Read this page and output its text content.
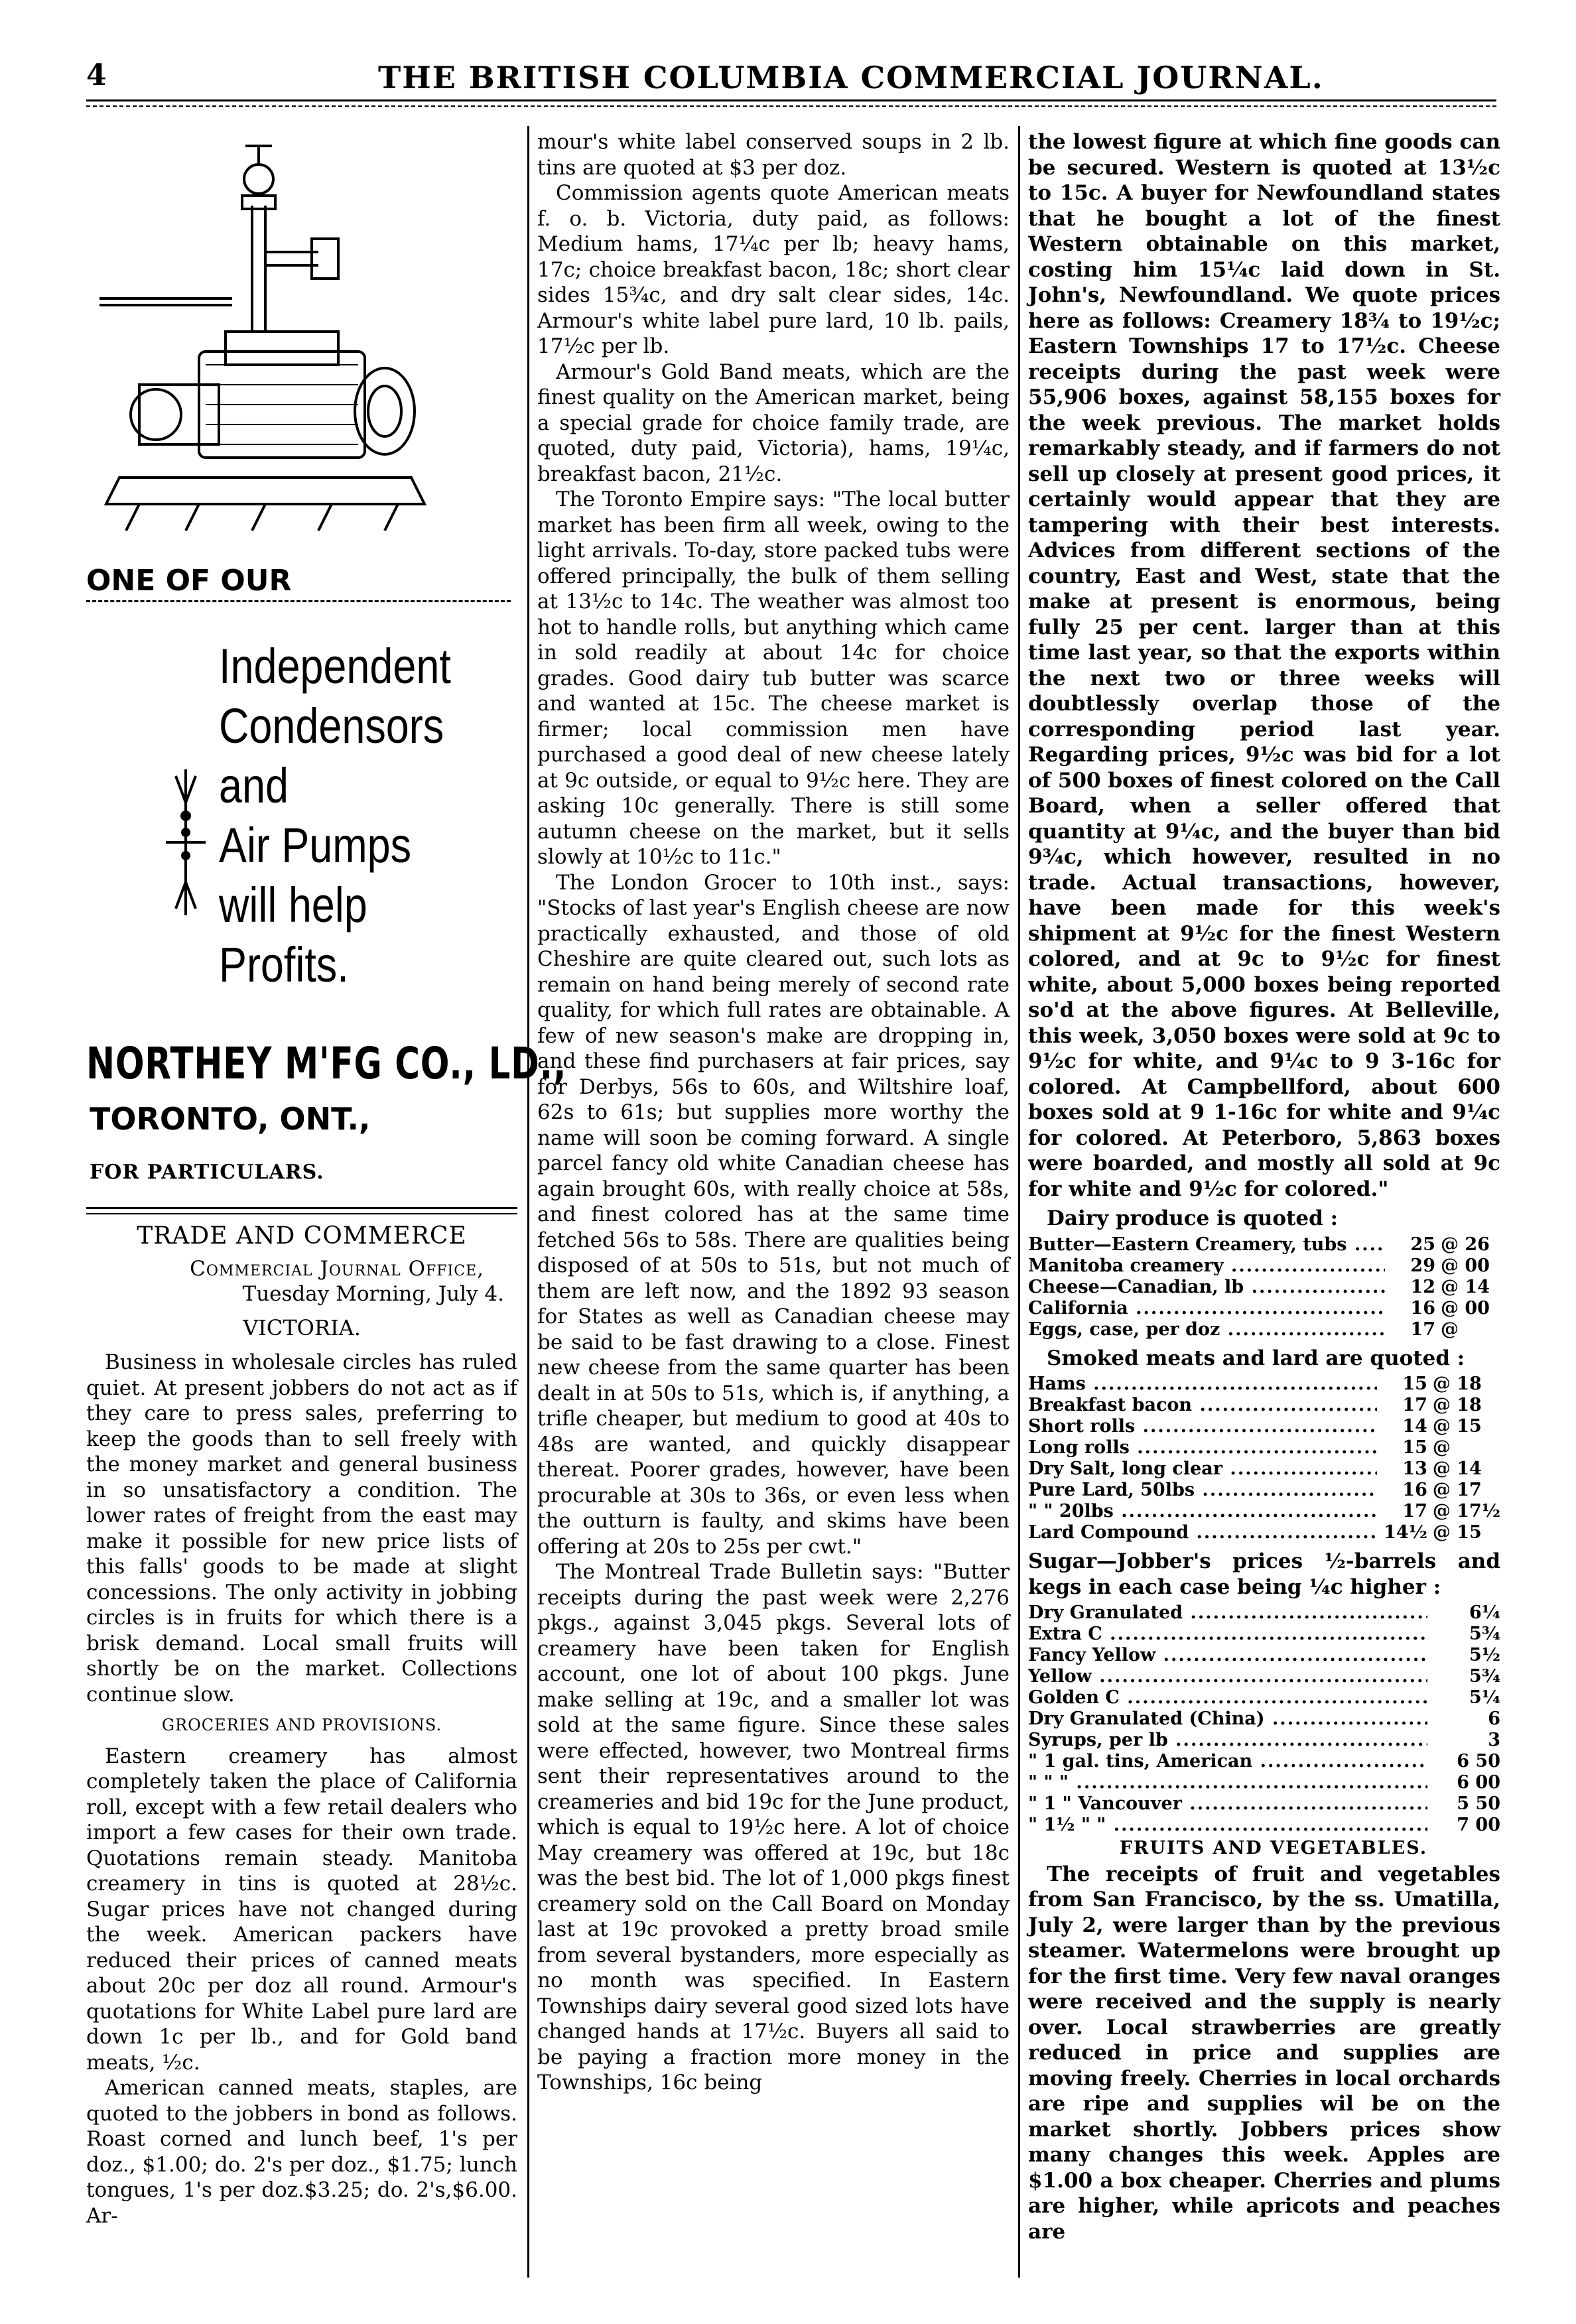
4	THE BRITISH COLUMBIA COMMERCIAL JOURNAL.
ONE OF OUR
Independent
Condensors
and
Air Pumps
will help
Profits.
NORTHEY M'FG CO., LD.,
TORONTO, ONT.,
FOR PARTICULARS.
TRADE AND COMMERCE

Commercial Journal Office,

Tuesday Morning, July 4.

VICTORIA.

Business in wholesale circles has ruled quiet. At present jobbers do not act as if they care to press sales, preferring to keep the goods than to sell freely with the money market and general business in so unsatisfactory a condition. The lower rates of freight from the east may make it possible for new price lists of this falls' goods to be made at slight concessions. The only activity in jobbing circles is in fruits for which there is a brisk demand. Local small fruits will shortly be on the market. Collections continue slow.

GROCERIES AND PROVISIONS.

Eastern creamery has almost completely taken the place of California roll, except with a few retail dealers who import a few cases for their own trade. Quotations remain steady. Manitoba creamery in tins is quoted at 28½c. Sugar prices have not changed during the week. American packers have reduced their prices of canned meats about 20c per doz all round. Armour's quotations for White Label pure lard are down 1c per lb., and for Gold band meats, ½c.

American canned meats, staples, are quoted to the jobbers in bond as follows. Roast corned and lunch beef, 1's per doz., $1.00; do. 2's per doz., $1.75; lunch tongues, 1's per doz.$3.25; do. 2's,$6.00. Ar-

mour's white label conserved soups in 2 lb. tins are quoted at $3 per doz.

Commission agents quote American meats f. o. b. Victoria, duty paid, as follows: Medium hams, 17¼c per lb; heavy hams, 17c; choice breakfast bacon, 18c; short clear sides 15¾c, and dry salt clear sides, 14c. Armour's white label pure lard, 10 lb. pails, 17½c per lb.

Armour's Gold Band meats, which are the finest quality on the American market, being a special grade for choice family trade, are quoted, duty paid, Victoria), hams, 19¼c, breakfast bacon, 21½c.

The Toronto Empire says: "The local butter market has been firm all week, owing to the light arrivals. To-day, store packed tubs were offered principally, the bulk of them selling at 13½c to 14c. The weather was almost too hot to handle rolls, but anything which came in sold readily at about 14c for choice grades. Good dairy tub butter was scarce and wanted at 15c. The cheese market is firmer; local commission men have purchased a good deal of new cheese lately at 9c outside, or equal to 9½c here. They are asking 10c generally. There is still some autumn cheese on the market, but it sells slowly at 10½c to 11c."

The London Grocer to 10th inst., says: "Stocks of last year's English cheese are now practically exhausted, and those of old Cheshire are quite cleared out, such lots as remain on hand being merely of second rate quality, for which full rates are obtainable. A few of new season's make are dropping in, and these find purchasers at fair prices, say for Derbys, 56s to 60s, and Wiltshire loaf, 62s to 61s; but supplies more worthy the name will soon be coming forward. A single parcel fancy old white Canadian cheese has again brought 60s, with really choice at 58s, and finest colored has at the same time fetched 56s to 58s. There are qualities being disposed of at 50s to 51s, but not much of them are left now, and the 1892 93 season for States as well as Canadian cheese may be said to be fast drawing to a close. Finest new cheese from the same quarter has been dealt in at 50s to 51s, which is, if anything, a trifle cheaper, but medium to good at 40s to 48s are wanted, and quickly disappear thereat. Poorer grades, however, have been procurable at 30s to 36s, or even less when the outturn is faulty, and skims have been offering at 20s to 25s per cwt."

The Montreal Trade Bulletin says: "Butter receipts during the past week were 2,276 pkgs., against 3,045 pkgs. Several lots of creamery have been taken for English account, one lot of about 100 pkgs. June make selling at 19c, and a smaller lot was sold at the same figure. Since these sales were effected, however, two Montreal firms sent their representatives around to the creameries and bid 19c for the June product, which is equal to 19½c here. A lot of choice May creamery was offered at 19c, but 18c was the best bid. The lot of 1,000 pkgs finest creamery sold on the Call Board on Monday last at 19c provoked a pretty broad smile from several bystanders, more especially as no month was specified. In Eastern Townships dairy several good sized lots have changed hands at 17½c. Buyers all said to be paying a fraction more money in the Townships, 16c being

the lowest figure at which fine goods can be secured. Western is quoted at 13½c to 15c. A buyer for Newfoundland states that he bought a lot of the finest Western obtainable on this market, costing him 15¼c laid down in St. John's, Newfoundland. We quote prices here as follows: Creamery 18¾ to 19½c; Eastern Townships 17 to 17½c. Cheese receipts during the past week were 55,906 boxes, against 58,155 boxes for the week previous. The market holds remarkably steady, and if farmers do not sell up closely at present good prices, it certainly would appear that they are tampering with their best interests. Advices from different sections of the country, East and West, state that the make at present is enormous, being fully 25 per cent. larger than at this time last year, so that the exports within the next two or three weeks will doubtlessly overlap those of the corresponding period last year. Regarding prices, 9½c was bid for a lot of 500 boxes of finest colored on the Call Board, when a seller offered that quantity at 9¼c, and the buyer than bid 9¾c, which however, resulted in no trade. Actual transactions, however, have been made for this week's shipment at 9½c for the finest Western colored, and at 9c to 9½c for finest white, about 5,000 boxes being reported so'd at the above figures. At Belleville, this week, 3,050 boxes were sold at 9c to 9½c for white, and 9¼c to 9 3-16c for colored. At Campbellford, about 600 boxes sold at 9 1-16c for white and 9¼c for colored. At Peterboro, 5,863 boxes were boarded, and mostly all sold at 9c for white and 9½c for colored."

Dairy produce is quoted :

Butter—Eastern Creamery, tubs .....	25	@ 26
Manitoba creamery .....	29	@ 00
Cheese—Canadian, lb .....	12	@ 14
California .....	16	@ 00
Eggs, case, per doz .....	17	@

Smoked meats and lard are quoted :

Hams .....	15	@ 18
Breakfast bacon .....	17	@ 18
Short rolls .....	14	@ 15
Long rolls .....	15	@
Dry Salt, long clear .....	13	@ 14
Pure Lard, 50lbs .....	16	@ 17
" " 20lbs .....	17	@ 17½
Lard Compound .....	14½	@ 15

Sugar—Jobber's prices ½-barrels and kegs in each case being ¼c higher :

Dry Granulated .....	6¼
Extra C .....	5¾
Fancy Yellow .....	5½
Yellow .....	5¾
Golden C .....	5¼
Dry Granulated (China) .....	6
Syrups, per lb .....	3
" 1 gal. tins, American .....	6 50
" " " .....	6 00
" 1 " Vancouver .....	5 50
" 1½ " " .....	7 00

FRUITS AND VEGETABLES.

The receipts of fruit and vegetables from San Francisco, by the ss. Umatilla, July 2, were larger than by the previous steamer. Watermelons were brought up for the first time. Very few naval oranges were received and the supply is nearly over. Local strawberries are greatly reduced in price and supplies are moving freely. Cherries in local orchards are ripe and supplies wil be on the market shortly. Jobbers prices show many changes this week. Apples are $1.00 a box cheaper. Cherries and plums are higher, while apricots and peaches are
